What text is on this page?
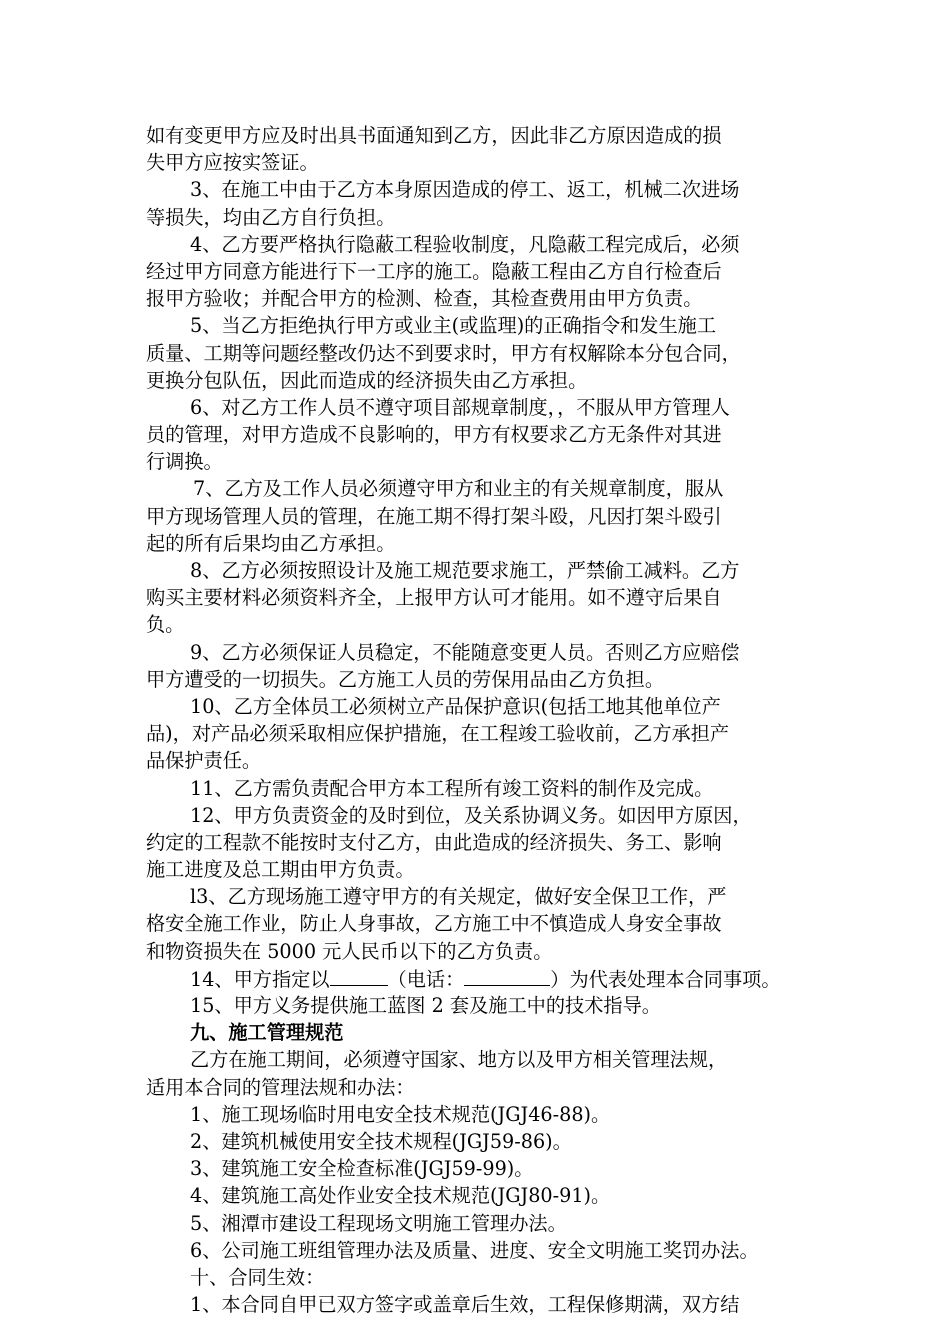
如有变更甲方应及时出具书面通知到乙方，因此非乙方原因造成的损
失甲方应按实签证。
3、在施工中由于乙方本身原因造成的停工、返工，机械二次进场
等损失，均由乙方自行负担。
4、乙方要严格执行隐蔽工程验收制度，凡隐蔽工程完成后，必须
经过甲方同意方能进行下一工序的施工。隐蔽工程由乙方自行检查后
报甲方验收；并配合甲方的检测、检查，其检查费用由甲方负责。
5、当乙方拒绝执行甲方或业主(或监理)的正确指令和发生施工
质量、工期等问题经整改仍达不到要求时，甲方有权解除本分包合同，
更换分包队伍，因此而造成的经济损失由乙方承担。
6、对乙方工作人员不遵守项目部规章制度，，不服从甲方管理人
员的管理，对甲方造成不良影响的，甲方有权要求乙方无条件对其进
行调换。
7、乙方及工作人员必须遵守甲方和业主的有关规章制度，服从
甲方现场管理人员的管理，在施工期不得打架斗殴，凡因打架斗殴引
起的所有后果均由乙方承担。
8、乙方必须按照设计及施工规范要求施工，严禁偷工减料。乙方
购买主要材料必须资料齐全，上报甲方认可才能用。如不遵守后果自
负。
9、乙方必须保证人员稳定，不能随意变更人员。否则乙方应赔偿
甲方遭受的一切损失。乙方施工人员的劳保用品由乙方负担。
10、乙方全体员工必须树立产品保护意识(包括工地其他单位产
品)，对产品必须采取相应保护措施，在工程竣工验收前，乙方承担产
品保护责任。
11、乙方需负责配合甲方本工程所有竣工资料的制作及完成。
12、甲方负责资金的及时到位，及关系协调义务。如因甲方原因，
约定的工程款不能按时支付乙方，由此造成的经济损失、务工、影响
施工进度及总工期由甲方负责。
l3、乙方现场施工遵守甲方的有关规定，做好安全保卫工作，严
格安全施工作业，防止人身事故，乙方施工中不慎造成人身安全事故
和物资损失在 5000 元人民币以下的乙方负责。
14、甲方指定以	（电话：	）为代表处理本合同事项。
15、甲方义务提供施工蓝图 2 套及施工中的技术指导。
九、施工管理规范
乙方在施工期间，必须遵守国家、地方以及甲方相关管理法规，
适用本合同的管理法规和办法：
1、施工现场临时用电安全技术规范(JGJ46-88)。
2、建筑机械使用安全技术规程(JGJ59-86)。
3、建筑施工安全检查标准(JGJ59-99)。
4、建筑施工高处作业安全技术规范(JGJ80-91)。
5、湘潭市建设工程现场文明施工管理办法。
6、公司施工班组管理办法及质量、进度、安全文明施工奖罚办法。
十、合同生效：
1、本合同自甲已双方签字或盖章后生效，工程保修期满，双方结
